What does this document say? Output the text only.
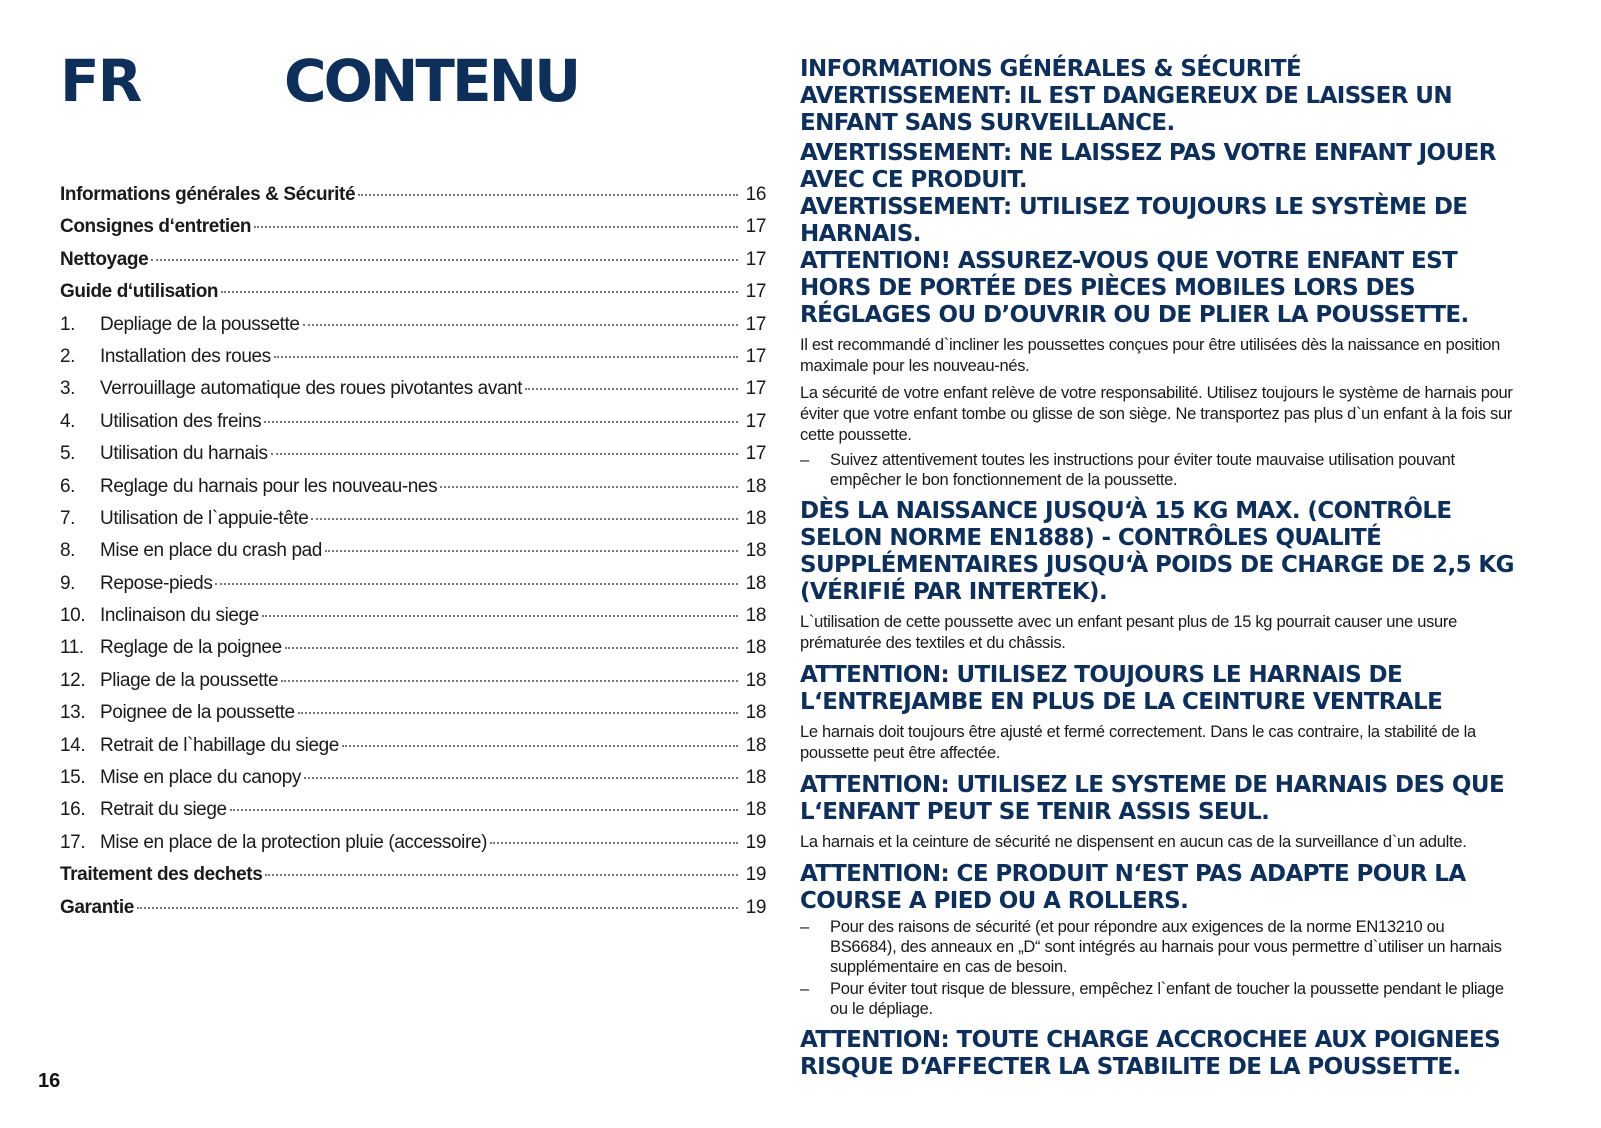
FR CONTENU
Informations générales & Sécurité	16
Consignes d‘entretien	17
Nettoyage	17
Guide d‘utilisation	17
1.	Depliage de la poussette	17
2.	Installation des roues	17
3.	Verrouillage automatique des roues pivotantes avant	17
4.	Utilisation des freins	17
5.	Utilisation du harnais	17
6.	Reglage du harnais pour les nouveau-nes	18
7.	Utilisation de l`appuie-tête	18
8.	Mise en place du crash pad	18
9.	Repose-pieds	18
10. Inclinaison du siege	18
11. Reglage de la poignee	18
12. Pliage de la poussette	18
13. Poignee de la poussette	18
14. Retrait de l`habillage du siege	18
15. Mise en place du canopy	18
16. Retrait du siege	18
17. Mise en place de la protection pluie (accessoire)	19
Traitement des dechets	19
Garantie	19
16
INFORMATIONS GÉNÉRALES & SÉCURITÉ
AVERTISSEMENT: IL EST DANGEREUX DE LAISSER UN ENFANT SANS SURVEILLANCE.
AVERTISSEMENT: NE LAISSEZ PAS VOTRE ENFANT JOUER AVEC CE PRODUIT.
AVERTISSEMENT: UTILISEZ TOUJOURS LE SYSTÈME DE HARNAIS.
ATTENTION! ASSUREZ-VOUS QUE VOTRE ENFANT EST HORS DE PORTÉE DES PIÈCES MOBILES LORS DES RÉGLAGES OU D’OUVRIR OU DE PLIER LA POUSSETTE.

Il est recommandé d`incliner les poussettes conçues pour être utilisées dès la naissance en position maximale pour les nouveau-nés.

La sécurité de votre enfant relève de votre responsabilité. Utilisez toujours le système de harnais pour éviter que votre enfant tombe ou glisse de son siège. Ne transportez pas plus d`un enfant à la fois sur cette poussette.

–	Suivez attentivement toutes les instructions pour éviter toute mauvaise utilisation pouvant empêcher le bon fonctionnement de la poussette.
DÈS LA NAISSANCE JUSQU‘À 15 KG MAX. (CONTRÔLE SELON NORME EN1888) - CONTRÔLES QUALITÉ SUPPLÉMENTAIRES JUSQU‘À POIDS DE CHARGE DE 2,5 KG (VÉRIFIÉ PAR INTERTEK).

L`utilisation de cette poussette avec un enfant pesant plus de 15 kg pourrait causer une usure prématurée des textiles et du châssis.

ATTENTION: UTILISEZ TOUJOURS LE HARNAIS DE L‘ENTREJAMBE EN PLUS DE LA CEINTURE VENTRALE

Le harnais doit toujours être ajusté et fermé correctement. Dans le cas contraire, la stabilité de la poussette peut être affectée.

ATTENTION: UTILISEZ LE SYSTEME DE HARNAIS DES QUE L‘ENFANT PEUT SE TENIR ASSIS SEUL.

La harnais et la ceinture de sécurité ne dispensent en aucun cas de la surveillance d`un adulte.

ATTENTION: CE PRODUIT N‘EST PAS ADAPTE POUR LA COURSE A PIED OU A ROLLERS.
–	Pour des raisons de sécurité (et pour répondre aux exigences de la norme EN13210 ou BS6684), des anneaux en „D“ sont intégrés au harnais pour vous permettre d`utiliser un harnais supplémentaire en cas de besoin.
–	Pour éviter tout risque de blessure, empêchez l`enfant de toucher la poussette pendant le pliage ou le dépliage.
ATTENTION: TOUTE CHARGE ACCROCHEE AUX POIGNEES RISQUE D‘AFFECTER LA STABILITE DE LA POUSSETTE.
